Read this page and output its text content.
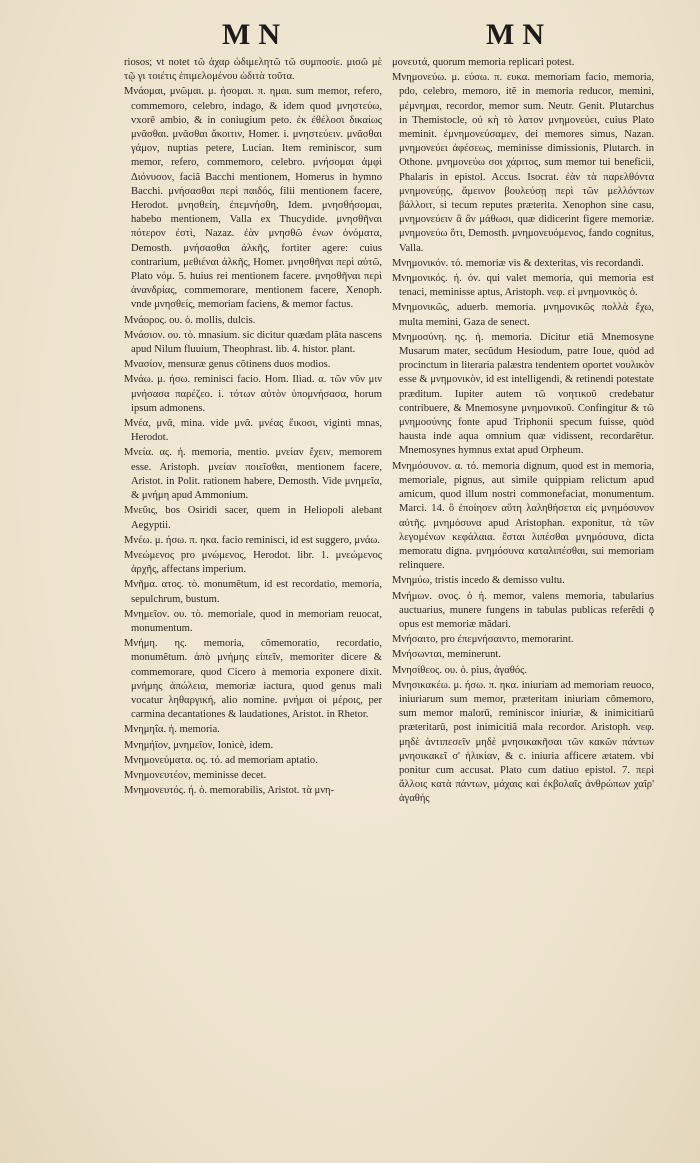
MN	MN

riosos; vt notet τῶ ἀχαρ ὡδιμελητῶ τῶ συμποσίε. μισῶ μὲ τῷ γι τοιέτις ἐπιμελομένου ὡδιτὰ τοῦτα.

Μνάομαι, μνῶμαι. μ. ἠσομαι. π. ημαι. sum memor, refero, commemoro, celebro, indago, & idem quod μνηστεύω, vxorẽ ambio, & in coniugium peto. ἐκ ἐθέλοσι δικαίως μνᾶσθαι. μνᾶσθαι ἄκοιτιν, Homer. i. μνηστεύειν. μνᾶσθαι γάμον, nuptias petere, Lucian. Item reminiscor, sum memor, refero, commemoro, celebro. μνήσομαι ἀμφὶ Διόνυσον, faciã Bacchi mentionem, Homerus in hymno Bacchi. μνήσασθαι περὶ παιδός, filii mentionem facere, Herodot. μνησθείη, ἐπεμνήσθη, Idem. μνησθήσομαι, habebo mentionem, Valla ex Thucydide. μνησθῆναι πότερον ἐστὶ, Nazaz. ἐὰν μνησθῶ ἐνων ὀνόματα, Demosth. μνήσασθαι ἀλκῆς, fortiter agere: cuius contrarium, μεθιέναι ἀλκῆς, Homer. μνησθῆναι περὶ αὐτῶ, Plato νόμ. 5. huius rei mentionem facere. μνησθῆναι περὶ ἀνανδρίας, commemorare, mentionem facere, Xenoph. vnde μνησθείς, memoriam faciens, & memor factus.

Μνάορος. ου. ὁ. mollis, dulcis.

Μνάσιον. ου. τὸ. mnasium. sic dicitur quædam plãta nascens apud Nilum fluuium, Theophrast. lib. 4. histor. plant.

Μνασίον, mensuræ genus cõtinens duos modios.

Μνάω. μ. ήσω. reminisci facio. Hom. Iliad. α. τῶν νῦν μιν μνήσασα παρέζεο. i. τότων αὐτὸν ὑπομνήσασα, horum ipsum admonens.

Μνέα, μνᾶ, mina. vide μνᾶ. μνέας ἔικοσι, viginti mnas, Herodot.

Μνεία. ας. ἡ. memoria, mentio. μνείαν ἔχειν, memorem esse. Aristoph. μνείαν ποιεῖσθαι, mentionem facere, Aristot. in Polit. rationem habere, Demosth. Vide μνημεῖα, & μνήμη apud Ammonium.

Μνεῦις, bos Osiridi sacer, quem in Heliopoli alebant Aegyptii.

Μνέω. μ. ήσω. π. ηκα. facio reminisci, id est suggero, μνάω.

Μνεώμενος pro μνώμενος, Herodot. libr. 1. μνεώμενος ἀρχῆς, affectans imperium.

Μνῆμα. ατος. τὸ. monumẽtum, id est recordatio, memoria, sepulchrum, bustum.

Μνημεῖον. ου. τὸ. memoriale, quod in memoriam reuocat, monumentum.

Μνήμη. ης. memoria, cõmemoratio, recordatio, monumẽtum. ἀπὸ μνήμης εἰπεῖν, memoriter dicere & commemorare, quod Cicero à memoria exponere dixit. μνήμης ἀπώλεια, memoriæ iactura, quod genus mali vocatur ληθαργική, alio nomine. μνήμαι οἱ μέροις, per carmina decantationes & laudationes, Aristot. in Rhetor.

Μνημηΐα. ἡ. memoria.

Μνημήϊον, μνημεῖον, Ionicè, idem.

Μνημονεύματα. ος. τό. ad memoriam aptatio.

Μνημονευτέον, meminisse decet.

Μνημονευτός. ή. ὁ. memorabilis, Aristot. τὰ μνη-

μονευτά, quorum memoria replicari potest.

Μνημονεύω. μ. εύσω. π. ευκα. memoriam facio, memoria, pdo, celebro, memoro, itẽ in memoria reducor, memini, μέμνημαι, recordor, memor sum. Neutr. Genit. Plutarchus in Themistocle, οὐ κὴ τὸ λατον μνημονεύει, cuius Plato meminit. ἐμνημονεύσαμεν, dei memores simus, Nazan. μνημονεύει ἀφέσεως, meminisse dimissionis, Plutarch. in Othone. μνημονεύω σοι χάριτος, sum memor tui beneficii, Phalaris in epistol. Accus. Isocrat. ἐὰν τὰ παρελθόντα μνημονεύῃς, ἄμεινον βουλεύσῃ περὶ τῶν μελλόντων βάλλοιτ, si tecum reputes præterita. Xenophon sine casu, μνημονεύειν ἃ ἂν μάθωσι, quæ didicerint figere memoriæ. μνημονεύω ὅτι, Demosth. μνημονευόμενος, fando cognitus, Valla.

Μνημονικόν. τό. memoriæ vis & dexteritas, vis recordandi.

Μνημονικός. ή. όν. qui valet memoria, qui memoria est tenaci, meminisse aptus, Aristoph. νεφ. εἰ μνημονικὸς ὁ.

Μνημονικῶς, aduerb. memoria. μνημονικῶς πολλὰ ἔχω, multa memini, Gaza de senect.

Μνημοσύνη. ης. ἡ. memoria. Dicitur etiã Mnemosyne Musarum mater, secũdum Hesiodum, patre Ioue, quòd ad procinctum in literaria palæstra tendentem oportet νουλικὸν esse & μνημονικὸν, id est intelligendi, & retinendi potestate præditum. Iupiter autem τῶ νοητικοῦ credebatur contribuere, & Mnemosyne μνημονικοῦ. Confingitur & τῶ μνημοσύνης fonte apud Triphonii specum fuisse, quòd hausta inde aqua omnium quæ vidissent, recordarẽtur. Mnemosynes hymnus extat apud Orpheum.

Μνημόσυνον. α. τό. memoria dignum, quod est in memoria, memoriale, pignus, aut simile quippiam relictum apud amicum, quod illum nostri commonefaciat, monumentum. Marci. 14. ὃ ἐποίησεν αὕτη λαληθήσεται εἰς μνημόσυνον αὐτῆς. μνημόσυνα apud Aristophan. exponitur, τὰ τῶν λεγομένων κεφάλαια. ἔσται λιπέσθαι μνημόσυνα, dicta memoratu digna. μνημόσυνα καταλιπέσθαι, sui memoriam relinquere.

Μνημύω, tristis incedo & demisso vultu.

Μνήμων. ονος. ὁ ἡ. memor, valens memoria, tabularius auctuarius, munere fungens in tabulas publicas referẽdi ǭ opus est memoriæ mãdari.

Μνήσαιτο, pro ἐπεμνήσαιντο, memorarint.

Μνήσωνται, meminerunt.

Μνησίθεος. ου. ὁ. pius, ἀγαθός.

Μνησικακέω. μ. ήσω. π. ηκα. iniuriam ad memoriam reuoco, iniuriarum sum memor, præteritam iniuriam cõmemoro, sum memor malorũ, reminiscor iniuriæ, & inimicitiarũ præteritarũ, post inimicitiã mala recordor. Aristoph. νεφ. μηδὲ ἀντιπεσεῖν μηδὲ μνησικακῆσαι τῶν κακῶν πάντων μνησικακεῖ σ' ἡλικίαν, & c. iniuria afficere ætatem. vbi ponitur cum accusat. Plato cum datiuo epistol. 7. περὶ ἄλλοις κατὰ πάντων, μάχαις καὶ ἐκβολαῖς ἀνθρώπων χαῖρ' ἀγαθής
